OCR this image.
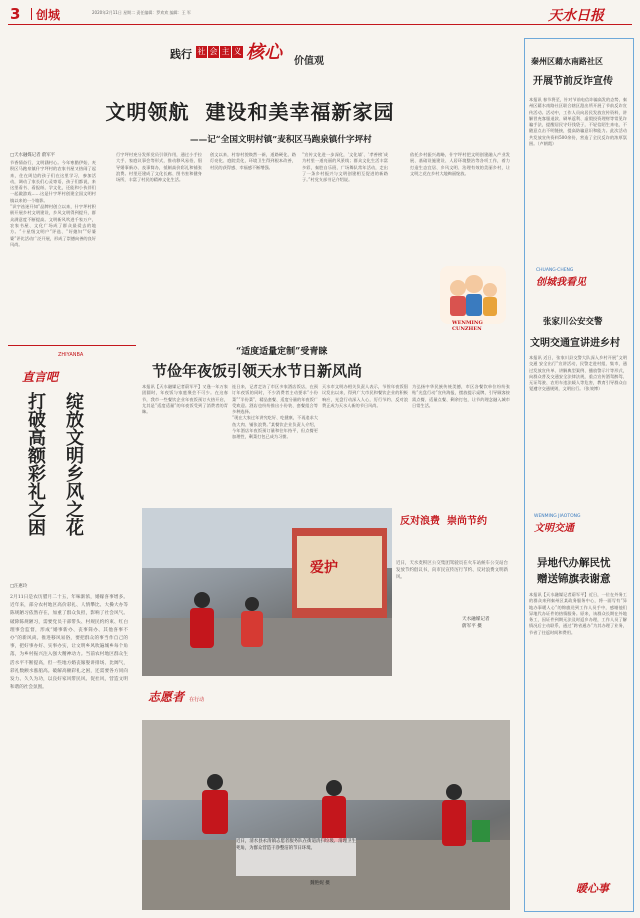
3 创城	2020年2月11日 星期二 责任编辑：罗欢欢 编辑：王 军	天水日报
践行 社 会 主 义 核心 价值观
文明领航  建设和美幸福新家园
——记“全国文明村镇”麦积区马跑泉镇什字坪村
□天水融媒记者 蔚军平
节香情奋行，文明涵村心。今年寒腊伊始，麦积区马跑泉镇什字坪村的农家书屋又热闹了起来，住在周边的孩子们在这里学习，参加活动，调动了家长们心灵寄语，孩子们都说，来这里看书、看报纸、学文化，还能和小伙伴们一起做游戏……这是什字坪村创建全国文明村镇以来的一个缩影。
“识字祛迷开知”品牌村创立以来，什字坪村积极开展乡村文明建设，乡风文明得到提升，群众满意度不断提高。文明新风吹进千家万户，农家书屋、文化广场成了群众最爱去的地方。“十星级文明户”评选、“好媳妇”“好婆婆”评比活动广泛开展，形成了崇德向善的良好风尚。
行字坪村充分发挥党员引领作用，通过小手拉大手、家庭议事会等形式，推动移风易俗，倡导婚事新办、丧事简办，抵制高价彩礼和铺张浪费。村里还建成了文化长廊、图书室和健身场所，丰富了村民的精神文化生活。
创文以来，村容村貌焕然一新，道路硬化、路灯亮化、庭院美化，环境卫生得到根本改善，村民的获得感、幸福感不断增强。
“宣传文化进一步深化，‘文化墙’、‘孝善榜’成为村里一道亮丽的风景线；群众文化生活丰富多彩，秦腔自乐班、广场舞队常年活动，走出了一条乡村振兴与文明创建相互促进的新路子。”村党支部书记介绍说。
依托乡村振兴战略，什字坪村把文明创建融入产业发展、基础设施建设、人居环境整治等各项工作，着力打造生态宜居、乡风文明、治理有效的美丽乡村，让文明之花在乡村大地绚丽绽放。
WENMING CUNZHEN
ZHIYANBA
直言吧
打破高额彩礼之困 绽放文明乡风之花
□汪惠玲
2月11日是农历腊月二十五，年味渐浓，婚嫁喜事增多。近年来，部分农村地区高价彩礼、人情攀比、大操大办等陈规陋习依然存在，加重了群众负担，影响了社会风气。破除陈规陋习，需要党员干部带头、村规民约约束、红白理事会监督，形成“婚事新办、丧事简办、其他喜事不办”的新风尚。推进移风易俗，要把群众的事当作自己的事，把好事办好、实事办实，让文明乡风吹遍城乡每个角落，为乡村振兴注入强大精神动力。当前农村地区群众生活水平不断提高，但一些地方婚丧嫁娶讲排场、比阔气，彩礼数额水涨船高。破解高额彩礼之困，还需要各方同向发力、久久为功，以良好家风带民风、促社风，营造文明和谐的社会氛围。
“适度适量定制”受青睐
节俭年夜饭引领天水节日新风尚
本报讯【天水融媒记者蔚军平】又逢一年万家团圆时，年夜饭与家庭聚会不可少。在这春节，我市一些餐饮企业年夜饭预订火热开启，尤其是“适度适量”的年夜饭受到了消费者的青睐。
连日来，记者走访了市区多家酒店饭店，在预订年夜饭的同时，不少消费者主动要求“小份菜”“半份菜”，精品套餐、适度分量的年夜饭广受欢迎。酒店也纷纷推出小份装、套餐组合等多种选择。
“现在大家过年讲究吃好、吃健康，不再追求大鱼大肉、铺张浪费。”某餐饮企业负责人介绍，今年酒店年夜饭预订量和往年持平，但点餐更加理性，剩菜打包已成为习惯。
天水市文明办相关负责人表示，节俭年夜饭倡议发出以来，得到广大市民和餐饮企业的积极响应，光盘行动深入人心，厉行节约、反对浪费正成为天水人新的节日风尚。
为弘扬中华民族传统美德，市区各餐饮单位纷纷张贴“光盘行动”宣传海报，摆放提示桌牌，引导顾客按需点餐、适量点餐、剩余打包，让节约理念融入城市日常生活。
反对浪费  崇尚节约
爱护	近日，天水麦积区公交集团驾驶员在火车站候车公交站台发放节约倡议书，向市民宣传厉行节约、反对浪费文明新风。
天水融媒记者
蔚军平 摄
志愿者 在行动
近日，清水县永清镇志愿者服务队在街道清扫垃圾、清理卫生死角，为群众营造干净整洁的节日环境。
魏艳妮 摄
秦州区藉水南路社区
开展节前反诈宣传
本报讯 春节将至，针对节前电信诈骗高发的态势，秦州区藉水南路社区联合辖区派出所开展了节前反诈宣传活动。活动中，工作人员向居民发放宣传资料，讲解冒充客服退款、刷单返利、虚假投资理财等常见诈骗手法，提醒居民守好钱袋子，不轻信陌生来电，不随意点击不明链接，提高防骗意识和能力。此次活动共发放宣传资料500余份，营造了全民反诈的浓厚氛围。（卢朝霞）
CHUANG·CHENG
创城我看见
张家川公安交警
文明交通宣讲进乡村
本报讯 近日，张家川县交警大队深入乡村开展“文明交通 安全出行”宣讲活动，民警走进村组、集市，通过发放宣传单、讲解典型案例、播放警示片等形式，向群众普及交通安全法律法规，重点宣传酒驾醉驾、无证驾驶、农用车违法载人等危害，教育引导群众自觉遵守交通规则，文明出行。（张效博）
WENMING JIAOTONG
文明交通
异地代办解民忧
赠送锦旗表谢意
本报讯【天水融媒记者蔚军平】近日，一位在外务工的群众来到秦州区某政务服务中心，将一面写有“异地办事暖人心”的锦旗送到工作人员手中，感谢他们异地代办证件的热情服务。原来，该群众长期在外地务工，因证件到期无法及时返乡办理，工作人员了解情况后主动联系，通过“跨省通办”为其办理了业务，节省了往返时间和费用。
暖心事
